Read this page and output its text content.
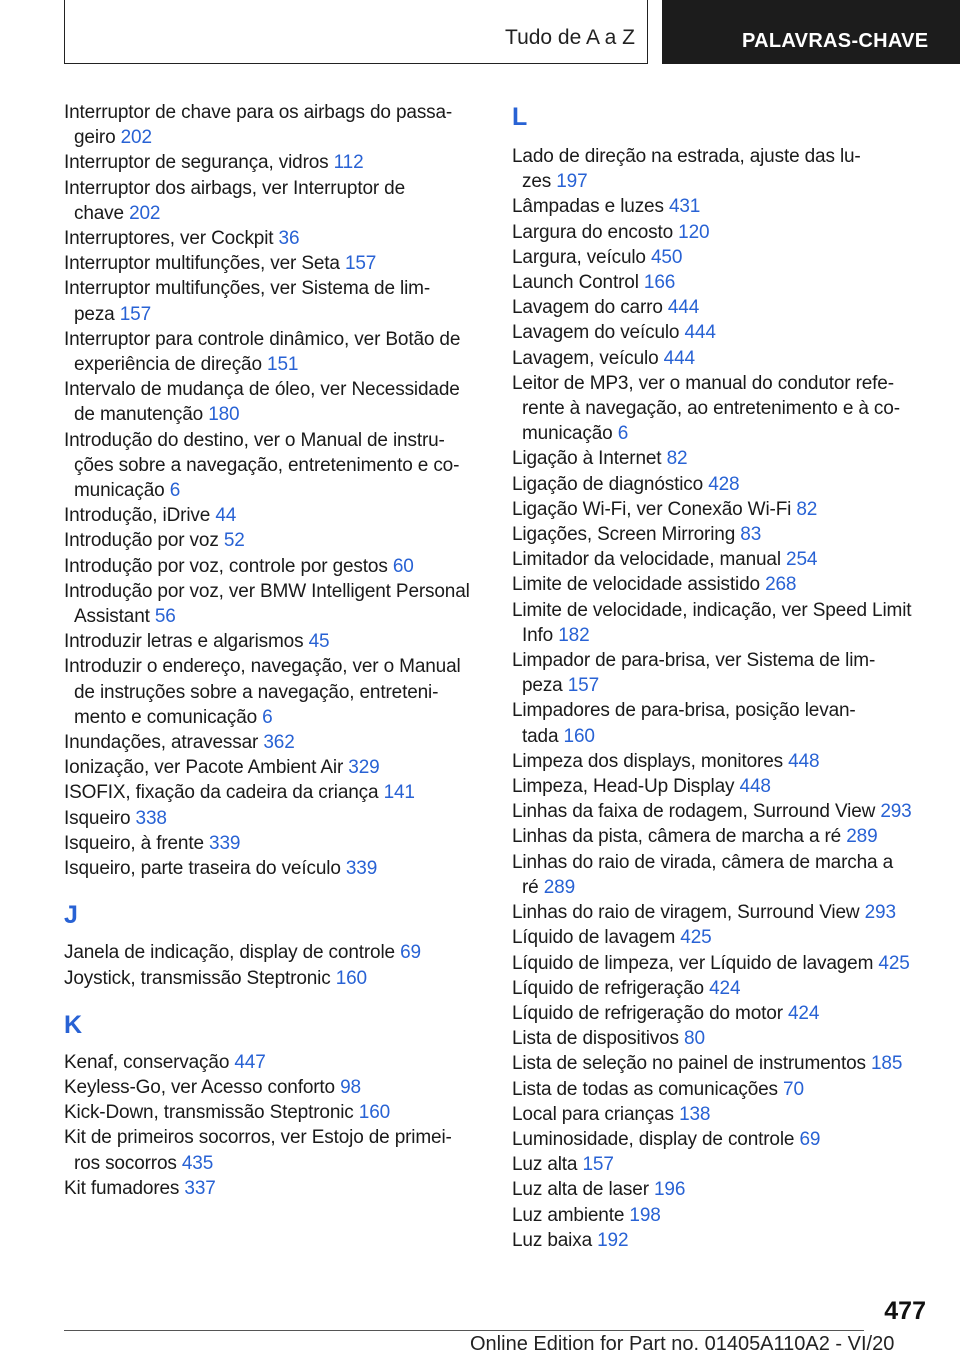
Tudo de A a Z	PALAVRAS-CHAVE
Interruptor de chave para os airbags do passa-
geiro 202
Interruptor de segurança, vidros 112
Interruptor dos airbags, ver Interruptor de
chave 202
Interruptores, ver Cockpit 36
Interruptor multifunções, ver Seta 157
Interruptor multifunções, ver Sistema de lim-
peza 157
Interruptor para controle dinâmico, ver Botão de
experiência de direção 151
Intervalo de mudança de óleo, ver Necessidade
de manutenção 180
Introdução do destino, ver o Manual de instru-
ções sobre a navegação, entretenimento e co-
municação 6
Introdução, iDrive 44
Introdução por voz 52
Introdução por voz, controle por gestos 60
Introdução por voz, ver BMW Intelligent Personal
Assistant 56
Introduzir letras e algarismos 45
Introduzir o endereço, navegação, ver o Manual
de instruções sobre a navegação, entreteni-
mento e comunicação 6
Inundações, atravessar 362
Ionização, ver Pacote Ambient Air 329
ISOFIX, fixação da cadeira da criança 141
Isqueiro 338
Isqueiro, à frente 339
Isqueiro, parte traseira do veículo 339
J
Janela de indicação, display de controle 69
Joystick, transmissão Steptronic 160
K
Kenaf, conservação 447
Keyless-Go, ver Acesso conforto 98
Kick-Down, transmissão Steptronic 160
Kit de primeiros socorros, ver Estojo de primei-
ros socorros 435
Kit fumadores 337
L
Lado de direção na estrada, ajuste das lu-
zes 197
Lâmpadas e luzes 431
Largura do encosto 120
Largura, veículo 450
Launch Control 166
Lavagem do carro 444
Lavagem do veículo 444
Lavagem, veículo 444
Leitor de MP3, ver o manual do condutor refe-
rente à navegação, ao entretenimento e à co-
municação 6
Ligação à Internet 82
Ligação de diagnóstico 428
Ligação Wi-Fi, ver Conexão Wi-Fi 82
Ligações, Screen Mirroring 83
Limitador da velocidade, manual 254
Limite de velocidade assistido 268
Limite de velocidade, indicação, ver Speed Limit
Info 182
Limpador de para-brisa, ver Sistema de lim-
peza 157
Limpadores de para-brisa, posição levan-
tada 160
Limpeza dos displays, monitores 448
Limpeza, Head-Up Display 448
Linhas da faixa de rodagem, Surround View 293
Linhas da pista, câmera de marcha a ré 289
Linhas do raio de virada, câmera de marcha a
ré 289
Linhas do raio de viragem, Surround View 293
Líquido de lavagem 425
Líquido de limpeza, ver Líquido de lavagem 425
Líquido de refrigeração 424
Líquido de refrigeração do motor 424
Lista de dispositivos 80
Lista de seleção no painel de instrumentos 185
Lista de todas as comunicações 70
Local para crianças 138
Luminosidade, display de controle 69
Luz alta 157
Luz alta de laser 196
Luz ambiente 198
Luz baixa 192
477
Online Edition for Part no. 01405A110A2 - VI/20
